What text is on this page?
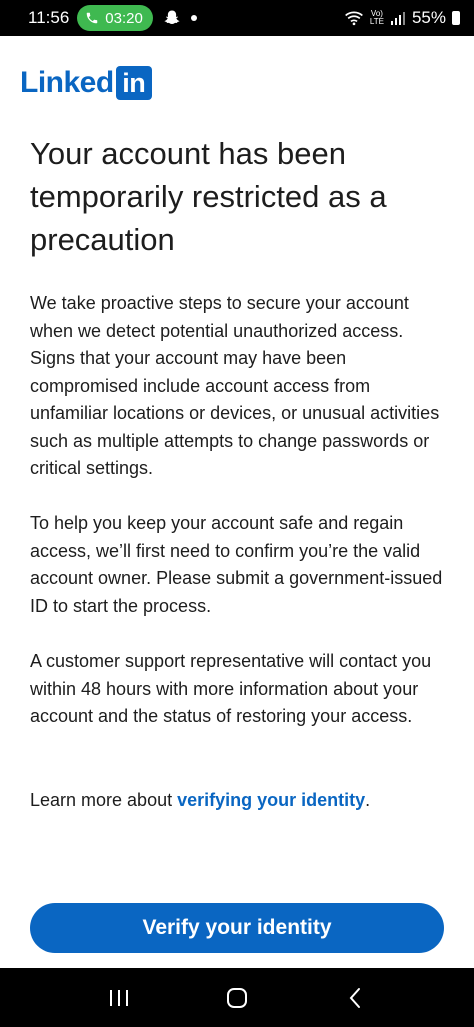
11:56 03:20	Vo)
LTE 55%
Linked in
Your account has been temporarily restricted as a precaution

We take proactive steps to secure your account when we detect potential unauthorized access. Signs that your account may have been compromised include account access from unfamiliar locations or devices, or unusual activities such as multiple attempts to change passwords or critical settings.

To help you keep your account safe and regain access, we’ll first need to confirm you’re the valid account owner. Please submit a government-issued ID to start the process.

A customer support representative will contact you within 48 hours with more information about your account and the status of restoring your access.

Learn more about verifying your identity.

Verify your identity
